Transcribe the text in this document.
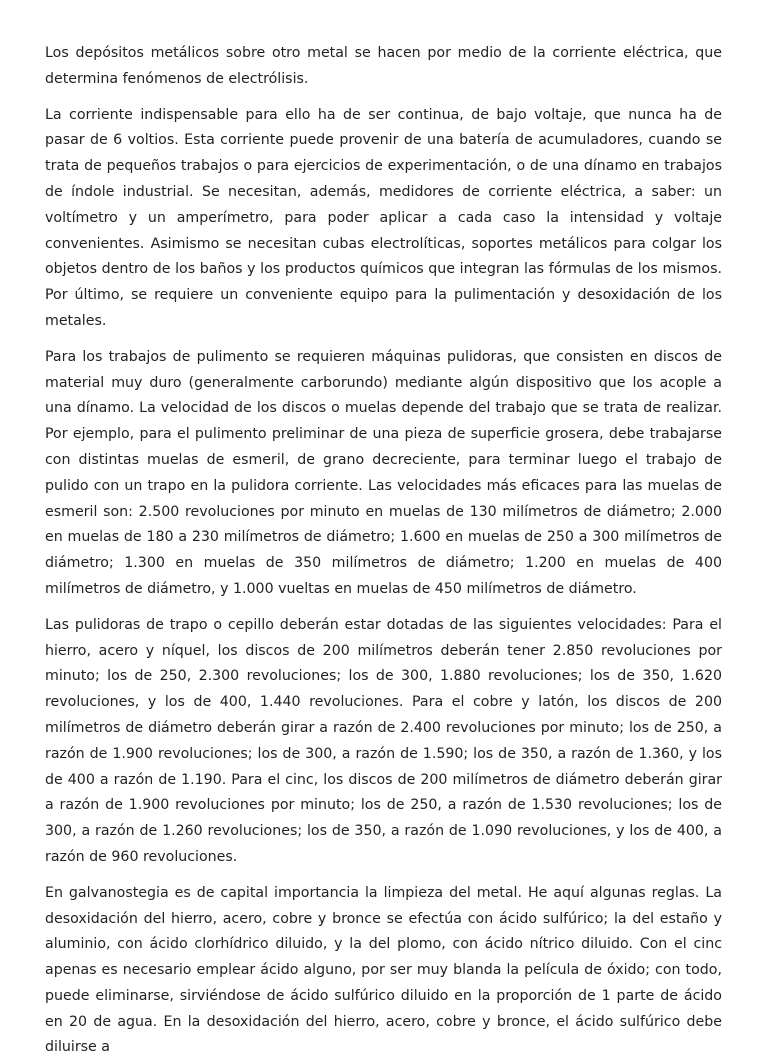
Los depósitos metálicos sobre otro metal se hacen por medio de la corriente eléctrica, que determina fenómenos de electrólisis.

La corriente indispensable para ello ha de ser continua, de bajo voltaje, que nunca ha de pasar de 6 voltios. Esta corriente puede provenir de una batería de acumuladores, cuando se trata de pequeños trabajos o para ejercicios de experimentación, o de una dínamo en trabajos de índole industrial. Se necesitan, además, medidores de corriente eléctrica, a saber: un voltímetro y un amperímetro, para poder aplicar a cada caso la intensidad y voltaje convenientes. Asimismo se necesitan cubas electrolíticas, soportes metálicos para colgar los objetos dentro de los baños y los productos químicos que integran las fórmulas de los mismos. Por último, se requiere un conveniente equipo para la pulimentación y desoxidación de los metales.

Para los trabajos de pulimento se requieren máquinas pulidoras, que consisten en discos de material muy duro (generalmente carborundo) mediante algún dispositivo que los acople a una dínamo. La velocidad de los discos o muelas depende del trabajo que se trata de realizar. Por ejemplo, para el pulimento preliminar de una pieza de superficie grosera, debe trabajarse con distintas muelas de esmeril, de grano decreciente, para terminar luego el trabajo de pulido con un trapo en la pulidora corriente. Las velocidades más eficaces para las muelas de esmeril son: 2.500 revoluciones por minuto en muelas de 130 milímetros de diámetro; 2.000 en muelas de 180 a 230 milímetros de diámetro; 1.600 en muelas de 250 a 300 milímetros de diámetro; 1.300 en muelas de 350 milímetros de diámetro; 1.200 en muelas de 400 milímetros de diámetro, y 1.000 vueltas en muelas de 450 milímetros de diámetro.

Las pulidoras de trapo o cepillo deberán estar dotadas de las siguientes velocidades: Para el hierro, acero y níquel, los discos de 200 milímetros deberán tener 2.850 revoluciones por minuto; los de 250, 2.300 revoluciones; los de 300, 1.880 revoluciones; los de 350, 1.620 revoluciones, y los de 400, 1.440 revoluciones. Para el cobre y latón, los discos de 200 milímetros de diámetro deberán girar a razón de 2.400 revoluciones por minuto; los de 250, a razón de 1.900 revoluciones; los de 300, a razón de 1.590; los de 350, a razón de 1.360, y los de 400 a razón de 1.190. Para el cinc, los discos de 200 milímetros de diámetro deberán girar a razón de 1.900 revoluciones por minuto; los de 250, a razón de 1.530 revoluciones; los de 300, a razón de 1.260 revoluciones; los de 350, a razón de 1.090 revoluciones, y los de 400, a razón de 960 revoluciones.

En galvanostegia es de capital importancia la limpieza del metal. He aquí algunas reglas. La desoxidación del hierro, acero, cobre y bronce se efectúa con ácido sulfúrico; la del estaño y aluminio, con ácido clorhídrico diluido, y la del plomo, con ácido nítrico diluido. Con el cinc apenas es necesario emplear ácido alguno, por ser muy blanda la película de óxido; con todo, puede eliminarse, sirviéndose de ácido sulfúrico diluido en la proporción de 1 parte de ácido en 20 de agua. En la desoxidación del hierro, acero, cobre y bronce, el ácido sulfúrico debe diluirse a
